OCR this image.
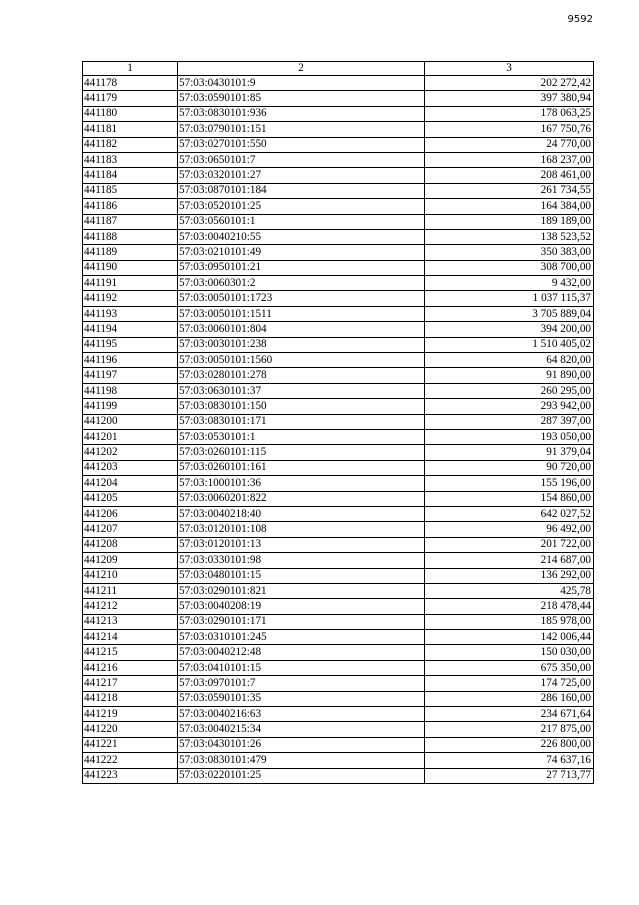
9592
1	2	3
441178	57:03:0430101:9	202 272,42
441179	57:03:0590101:85	397 380,94
441180	57:03:0830101:936	178 063,25
441181	57:03:0790101:151	167 750,76
441182	57:03:0270101:550	24 770,00
441183	57:03:0650101:7	168 237,00
441184	57:03:0320101:27	208 461,00
441185	57:03:0870101:184	261 734,55
441186	57:03:0520101:25	164 384,00
441187	57:03:0560101:1	189 189,00
441188	57:03:0040210:55	138 523,52
441189	57:03:0210101:49	350 383,00
441190	57:03:0950101:21	308 700,00
441191	57:03:0060301:2	9 432,00
441192	57:03:0050101:1723	1 037 115,37
441193	57:03:0050101:1511	3 705 889,04
441194	57:03:0060101:804	394 200,00
441195	57:03:0030101:238	1 510 405,02
441196	57:03:0050101:1560	64 820,00
441197	57:03:0280101:278	91 890,00
441198	57:03:0630101:37	260 295,00
441199	57:03:0830101:150	293 942,00
441200	57:03:0830101:171	287 397,00
441201	57:03:0530101:1	193 050,00
441202	57:03:0260101:115	91 379,04
441203	57:03:0260101:161	90 720,00
441204	57:03:1000101:36	155 196,00
441205	57:03:0060201:822	154 860,00
441206	57:03:0040218:40	642 027,52
441207	57:03:0120101:108	96 492,00
441208	57:03:0120101:13	201 722,00
441209	57:03:0330101:98	214 687,00
441210	57:03:0480101:15	136 292,00
441211	57:03:0290101:821	425,78
441212	57:03:0040208:19	218 478,44
441213	57:03:0290101:171	185 978,00
441214	57:03:0310101:245	142 006,44
441215	57:03:0040212:48	150 030,00
441216	57:03:0410101:15	675 350,00
441217	57:03:0970101:7	174 725,00
441218	57:03:0590101:35	286 160,00
441219	57:03:0040216:63	234 671,64
441220	57:03:0040215:34	217 875,00
441221	57:03:0430101:26	226 800,00
441222	57:03:0830101:479	74 637,16
441223	57:03:0220101:25	27 713,77
